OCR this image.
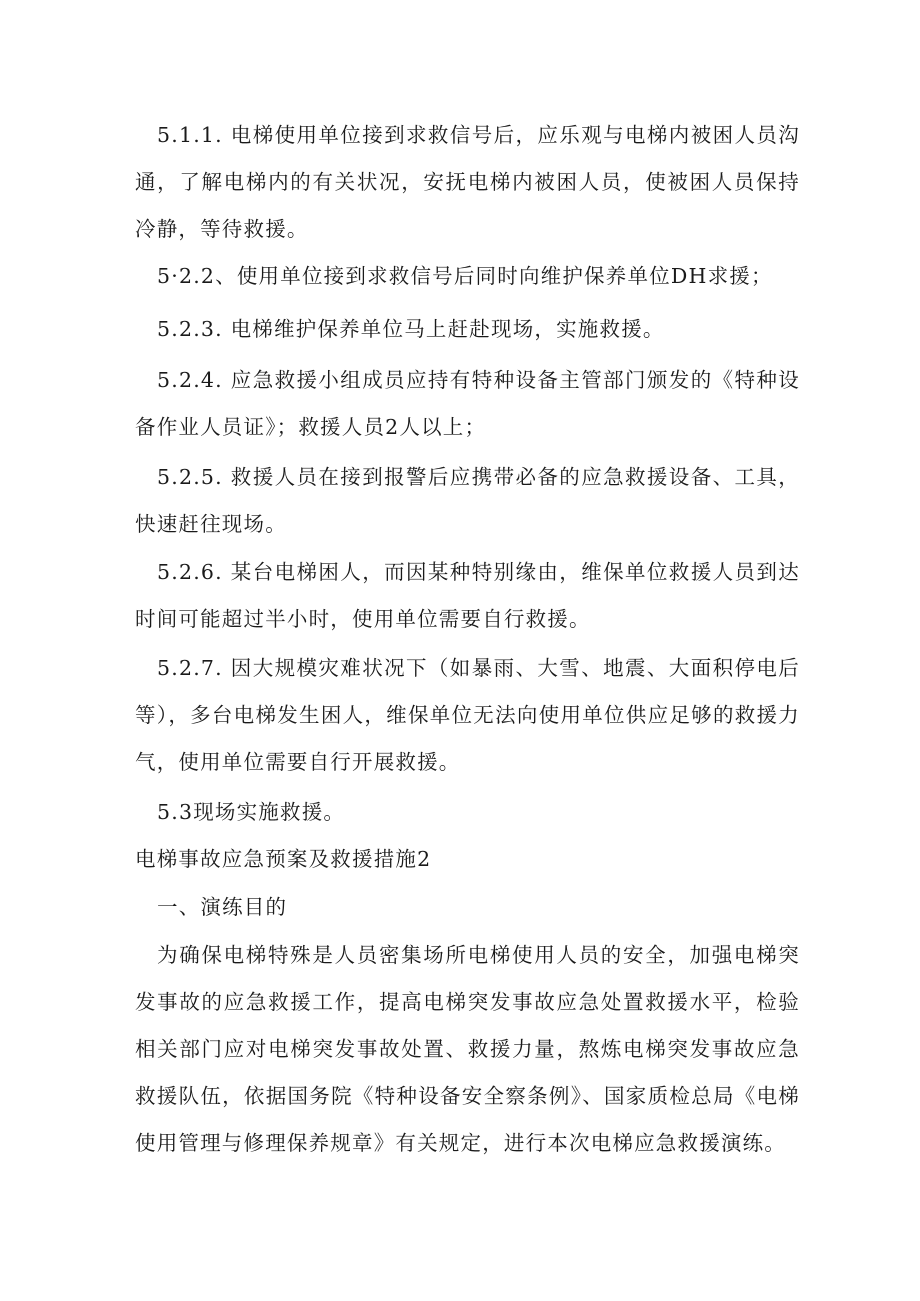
5.1.1. 电梯使用单位接到求救信号后，应乐观与电梯内被困人员沟通，了解电梯内的有关状况，安抚电梯内被困人员，使被困人员保持冷静，等待救援。

5·2.2、使用单位接到求救信号后同时向维护保养单位DH求援；

5.2.3. 电梯维护保养单位马上赶赴现场，实施救援。

5.2.4. 应急救援小组成员应持有特种设备主管部门颁发的《特种设备作业人员证》；救援人员2人以上；

5.2.5. 救援人员在接到报警后应携带必备的应急救援设备、工具，快速赶往现场。

5.2.6. 某台电梯困人，而因某种特别缘由，维保单位救援人员到达时间可能超过半小时，使用单位需要自行救援。

5.2.7. 因大规模灾难状况下（如暴雨、大雪、地震、大面积停电后等），多台电梯发生困人，维保单位无法向使用单位供应足够的救援力气，使用单位需要自行开展救援。

5.3现场实施救援。

电梯事故应急预案及救援措施2

一、演练目的

为确保电梯特殊是人员密集场所电梯使用人员的安全，加强电梯突发事故的应急救援工作，提高电梯突发事故应急处置救援水平，检验相关部门应对电梯突发事故处置、救援力量，熬炼电梯突发事故应急救援队伍，依据国务院《特种设备安全察条例》、国家质检总局《电梯使用管理与修理保养规章》有关规定，进行本次电梯应急救援演练。
